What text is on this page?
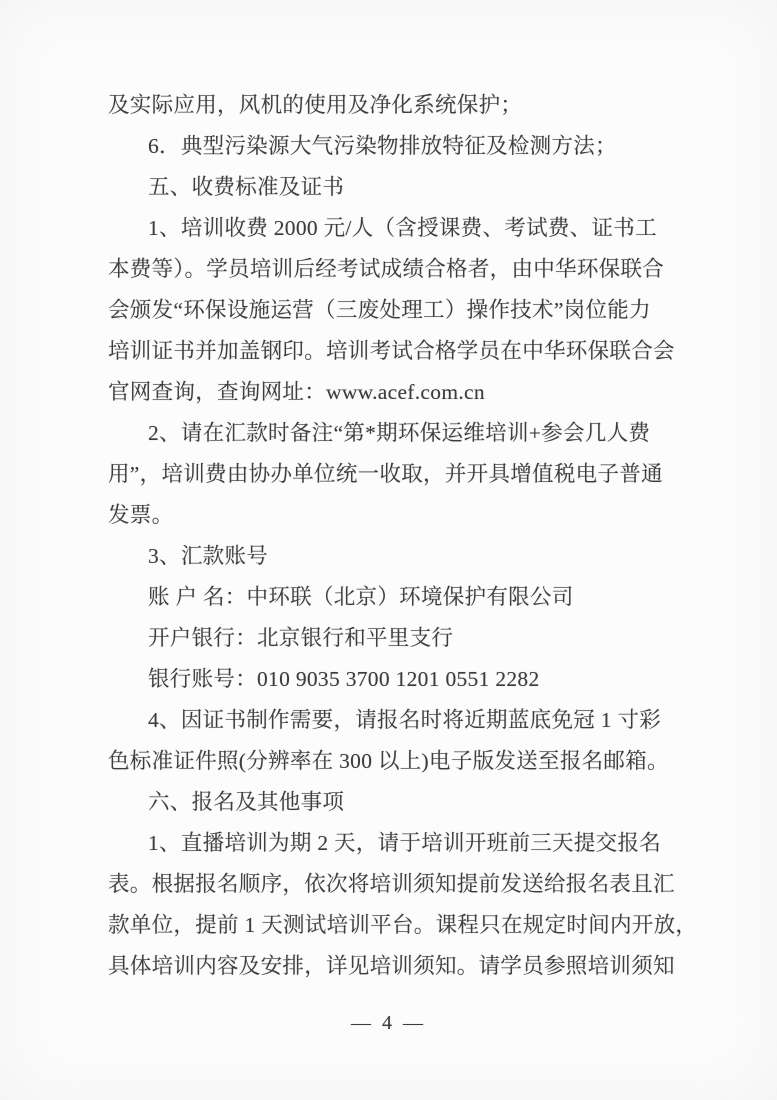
及实际应用，风机的使用及净化系统保护；
6．典型污染源大气污染物排放特征及检测方法；
五、收费标准及证书
1、培训收费 2000 元/人（含授课费、考试费、证书工
本费等）。学员培训后经考试成绩合格者，由中华环保联合
会颁发“环保设施运营（三废处理工）操作技术”岗位能力
培训证书并加盖钢印。培训考试合格学员在中华环保联合会
官网查询，查询网址：www.acef.com.cn
2、请在汇款时备注“第*期环保运维培训+参会几人费
用”，培训费由协办单位统一收取，并开具增值税电子普通
发票。
3、汇款账号
账 户 名：中环联（北京）环境保护有限公司
开户银行：北京银行和平里支行
银行账号：010 9035 3700 1201 0551 2282
4、因证书制作需要，请报名时将近期蓝底免冠 1 寸彩
色标准证件照(分辨率在 300 以上)电子版发送至报名邮箱。
六、报名及其他事项
1、直播培训为期 2 天，请于培训开班前三天提交报名
表。根据报名顺序，依次将培训须知提前发送给报名表且汇
款单位，提前 1 天测试培训平台。课程只在规定时间内开放，
具体培训内容及安排，详见培训须知。请学员参照培训须知
— 4 —
